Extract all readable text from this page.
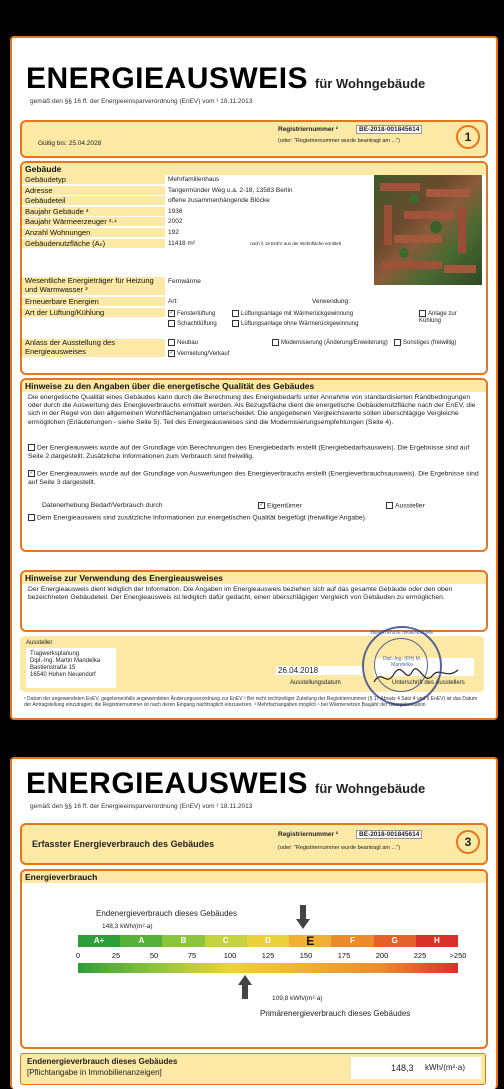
ENERGIEAUSWEIS für Wohngebäude
gemäß den §§ 16 ff. der Energieeinsparverordnung (EnEV) vom ¹ 18.11.2013
Registriernummer ²	BE-2018-001845614
(oder: "Registriernummer wurde beantragt am ...")
Gültig bis: 25.04.2028	1
Gebäude
Gebäudetyp	Mehrfamilienhaus
Adresse	Tangermünder Weg u.a. 2-18, 13583 Berlin
Gebäudeteil	offene zusammenhängende Blöcke
Baujahr Gebäude ³	1936
Baujahr Wärmeerzeuger ³·⁴	2002
Anzahl Wohnungen	192
Gebäudenutzfläche (Aₙ)	11418 m²	nach § 19 EnEV aus der Wohnfläche ermittelt
Wesentliche Energieträger für Heizung und Warmwasser ³
Fernwärme
Erneuerbare Energien	Art:	Verwendung:
Art der Lüftung/Kühlung	✓ Fensterlüftung	Lüftungsanlage mit Wärmerückgewinnung	Anlage zur Kühlung
Schachtlüftung	Lüftungsanlage ohne Wärmerückgewinnung
Anlass der Ausstellung des Energieausweises
Neubau	Modernisierung (Änderung/Erweiterung)	Sonstiges (freiwillig)
✓ Vermietung/Verkauf
Hinweise zu den Angaben über die energetische Qualität des Gebäudes
Die energetische Qualität eines Gebäudes kann durch die Berechnung des Energiebedarfs unter Annahme von standardisierten Randbedingungen oder durch die Auswertung des Energieverbrauchs ermittelt werden. Als Bezugsfläche dient die energetische Gebäudenutzfläche nach der EnEV, die sich in der Regel von den allgemeinen Wohnflächenangaben unterscheidet. Die angegebenen Vergleichswerte sollen überschlägige Vergleiche ermöglichen (Erläuterungen - siehe Seite 5). Teil des Energieausweises sind die Modernisierungsempfehlungen (Seite 4).
Der Energieausweis wurde auf der Grundlage von Berechnungen des Energiebedarfs erstellt (Energiebedarfsausweis). Die Ergebnisse sind auf Seite 2 dargestellt. Zusätzliche Informationen zum Verbrauch sind freiwillig.
✓ Der Energieausweis wurde auf der Grundlage von Auswertungen des Energieverbrauchs erstellt (Energieverbrauchsausweis). Die Ergebnisse sind auf Seite 3 dargestellt.
Datenerhebung Bedarf/Verbrauch durch	✓ Eigentümer	Aussteller
Dem Energieausweis sind zusätzliche Informationen zur energetischen Qualität beigefügt (freiwillige Angabe).
Hinweise zur Verwendung des Energieausweises
Der Energieausweis dient lediglich der Information. Die Angaben im Energieausweis beziehen sich auf das gesamte Gebäude oder den oben bezeichneten Gebäudeteil. Der Energieausweis ist lediglich dafür gedacht, einen überschlägigen Vergleich von Gebäuden zu ermöglichen.
Aussteller
Tragwerksplanung
Dipl.-Ing. Martin Mandelka
Bastienstraße 15
16540 Hohen Neuendorf	26.04.2018
Ausstellungsdatum	Unterschrift des Ausstellers
BERATENDE INGENIEURE
Dipl.-Ing. (FH) M. Mandelka
¹ Datum der angewendeten EnEV, gegebenenfalls angewendeten Änderungsverordnung zur EnEV ² Bei nicht rechtzeitiger Zuteilung der Registriernummer (§ 17 Absatz 4 Satz 4 und 5 EnEV) ist das Datum der Antragstellung einzutragen; die Registriernummer ist nach deren Eingang nachträglich einzusetzen. ³ Mehrfachangaben möglich ⁴ bei Wärmenetzen Baujahr der Übergabestation
ENERGIEAUSWEIS für Wohngebäude
gemäß den §§ 16 ff. der Energieeinsparverordnung (EnEV) vom ¹ 18.11.2013
Erfasster Energieverbrauch des Gebäudes
Registriernummer ²	BE-2018-001845614
(oder: "Registriernummer wurde beantragt am ...")	3
Energieverbrauch
Endenergieverbrauch dieses Gebäudes
148,3 kWh/(m²·a)
A+	A	B	C	D	E	F	G	H
0	25	50	75	100	125	150	175	200	225	>250
109,8 kWh/(m²·a)
Primärenergieverbrauch dieses Gebäudes
Endenergieverbrauch dieses Gebäudes
[Pflichtangabe in Immobilienanzeigen]	148,3 kWh/(m²·a)
